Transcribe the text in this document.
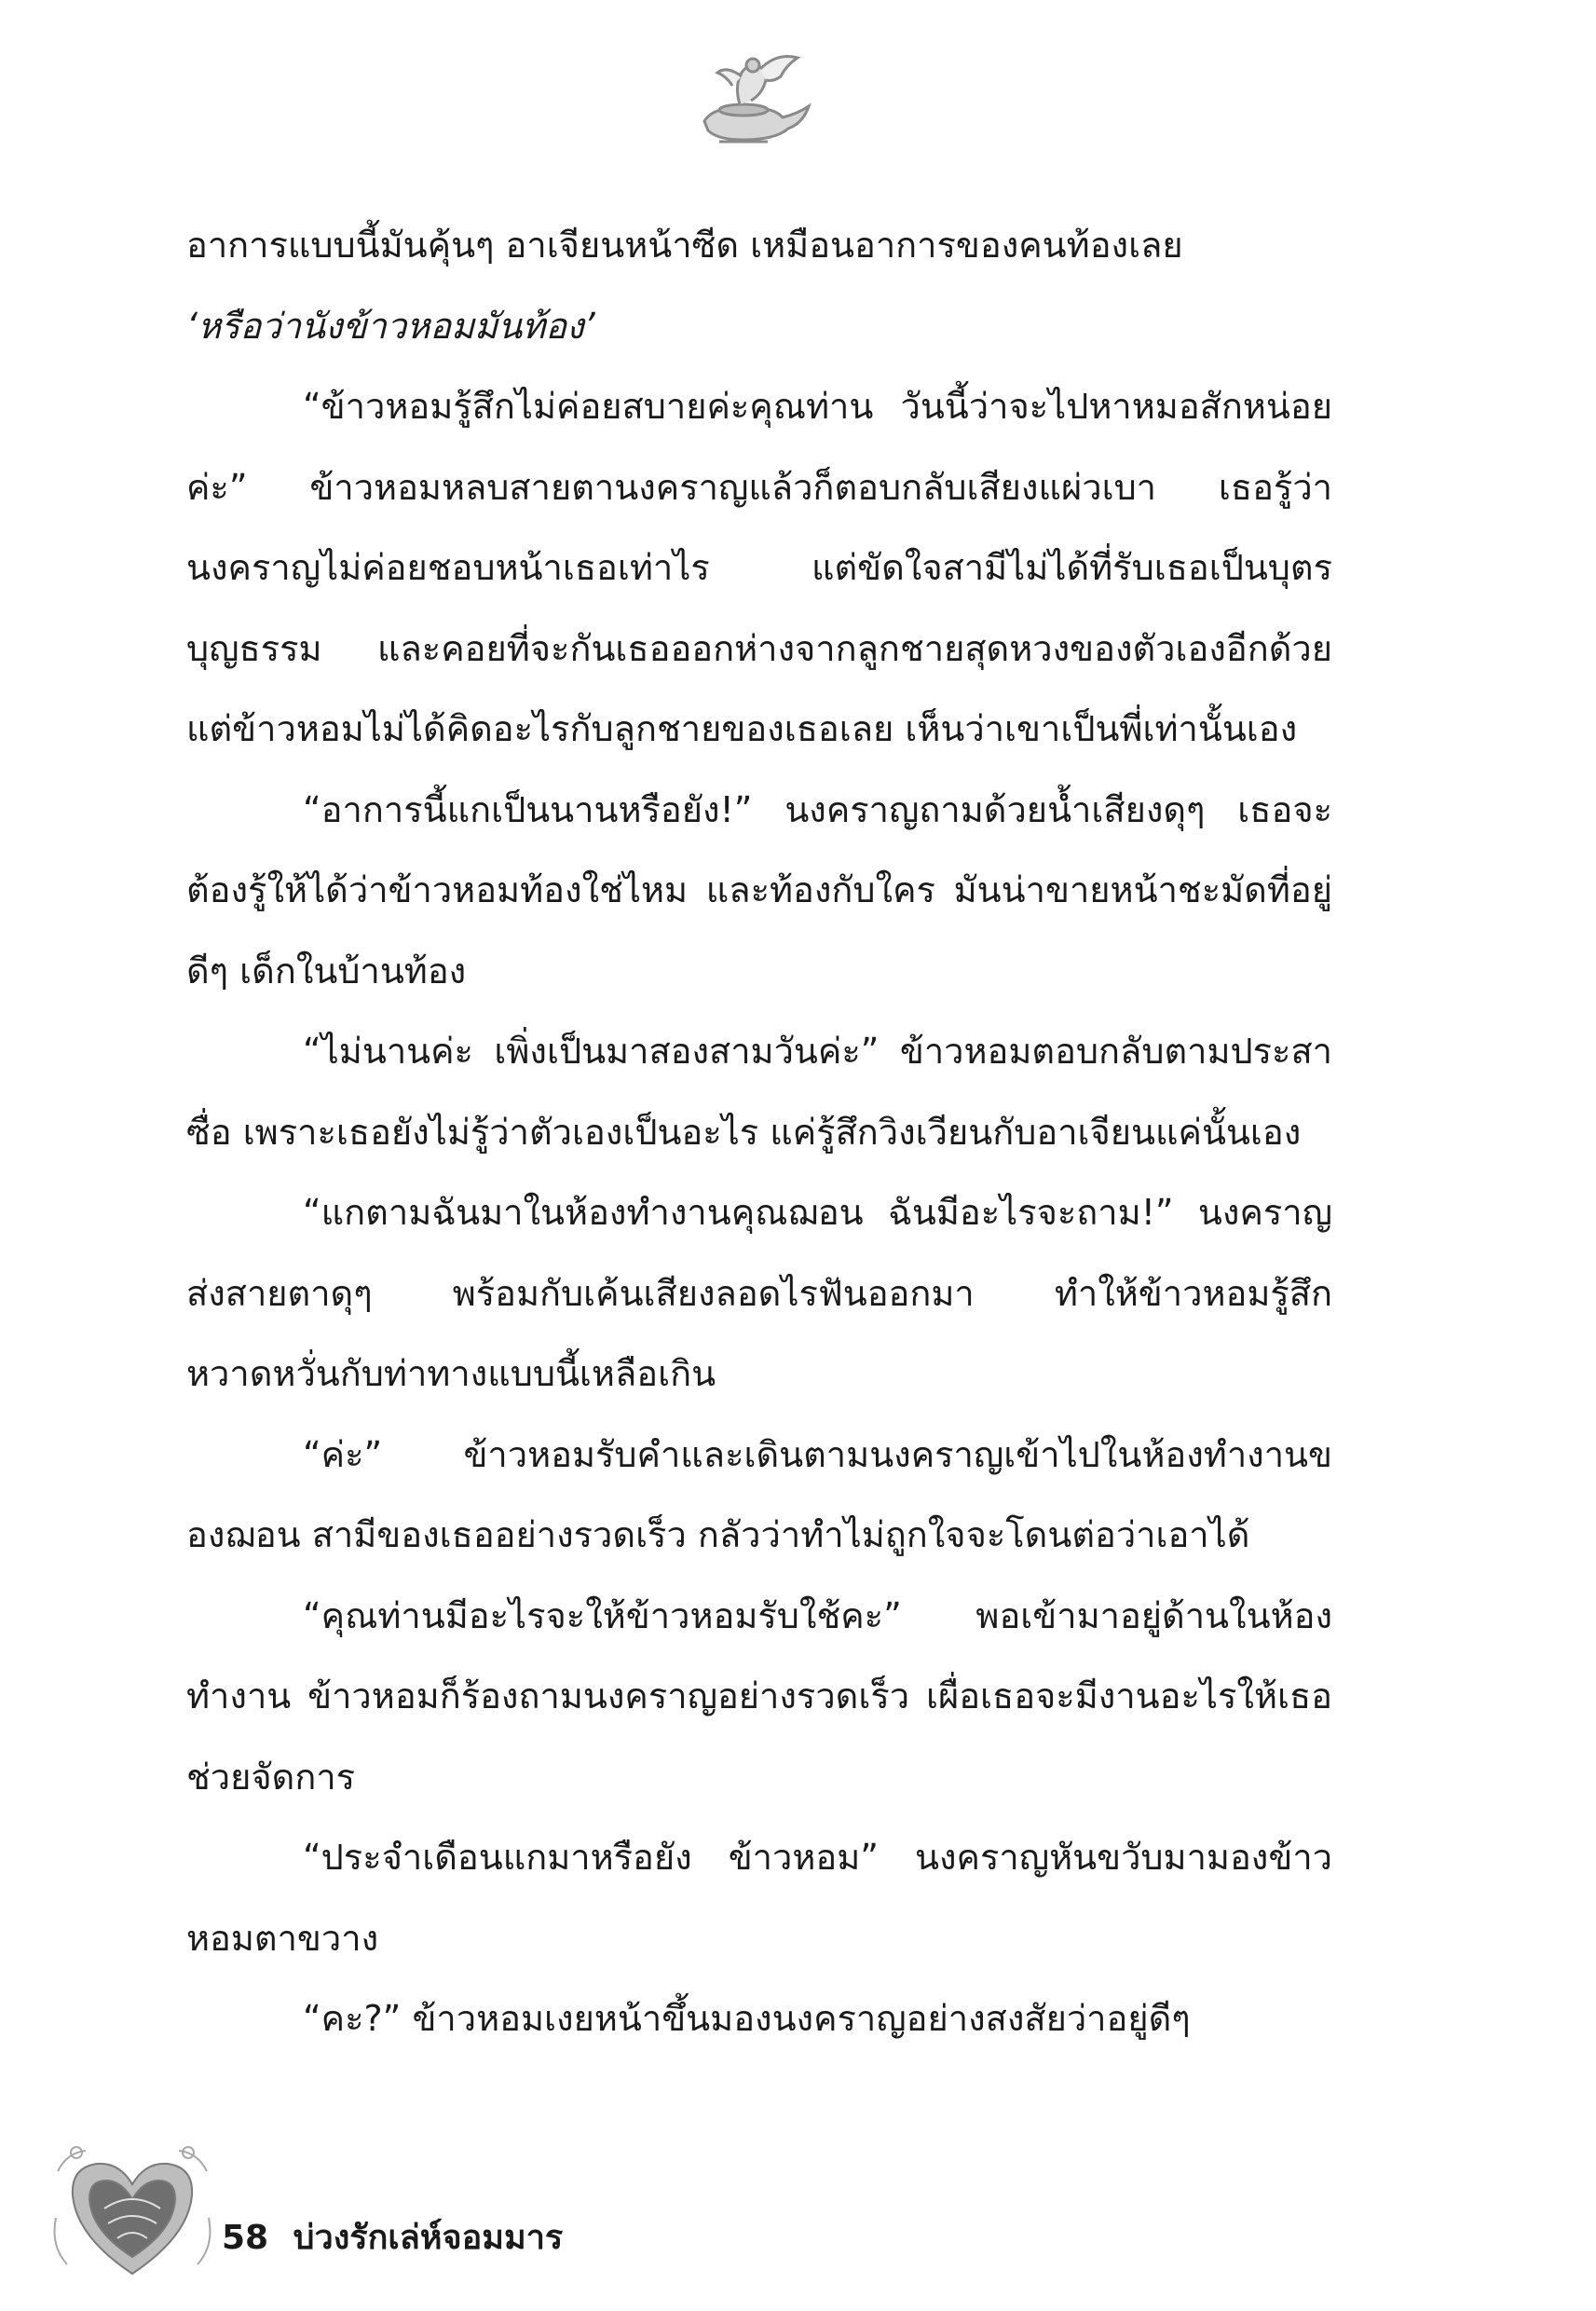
อาการแบบนี้มันคุ้นๆ อาเจียนหน้าซีด เหมือนอาการของคนท้องเลย

‘หรือว่านังข้าวหอมมันท้อง’

“ข้าวหอมรู้สึกไม่ค่อยสบายค่ะคุณท่าน วันนี้ว่าจะไปหาหมอสักหน่อยค่ะ” ข้าวหอมหลบสายตานงคราญแล้วก็ตอบกลับเสียงแผ่วเบา เธอรู้ว่านงคราญไม่ค่อยชอบหน้าเธอเท่าไร แต่ขัดใจสามีไม่ได้ที่รับเธอเป็นบุตรบุญธรรม และคอยที่จะกันเธอออกห่างจากลูกชายสุดหวงของตัวเองอีกด้วย แต่ข้าวหอมไม่ได้คิดอะไรกับลูกชายของเธอเลย เห็นว่าเขาเป็นพี่เท่านั้นเอง

“อาการนี้แกเป็นนานหรือยัง!” นงคราญถามด้วยน้ำเสียงดุๆ เธอจะต้องรู้ให้ได้ว่าข้าวหอมท้องใช่ไหม และท้องกับใคร มันน่าขายหน้าชะมัดที่อยู่ดีๆ เด็กในบ้านท้อง

“ไม่นานค่ะ เพิ่งเป็นมาสองสามวันค่ะ” ข้าวหอมตอบกลับตามประสาซื่อ เพราะเธอยังไม่รู้ว่าตัวเองเป็นอะไร แค่รู้สึกวิงเวียนกับอาเจียนแค่นั้นเอง

“แกตามฉันมาในห้องทำงานคุณฌอน ฉันมีอะไรจะถาม!” นงคราญส่งสายตาดุๆ พร้อมกับเค้นเสียงลอดไรฟันออกมา ทำให้ข้าวหอมรู้สึกหวาดหวั่นกับท่าทางแบบนี้เหลือเกิน

“ค่ะ” ข้าวหอมรับคำและเดินตามนงคราญเข้าไปในห้องทำงานของฌอน สามีของเธออย่างรวดเร็ว กลัวว่าทำไม่ถูกใจจะโดนต่อว่าเอาได้

“คุณท่านมีอะไรจะให้ข้าวหอมรับใช้คะ” พอเข้ามาอยู่ด้านในห้องทำงาน ข้าวหอมก็ร้องถามนงคราญอย่างรวดเร็ว เผื่อเธอจะมีงานอะไรให้เธอช่วยจัดการ

“ประจำเดือนแกมาหรือยัง ข้าวหอม” นงคราญหันขวับมามองข้าวหอมตาขวาง

“คะ?” ข้าวหอมเงยหน้าขึ้นมองนงคราญอย่างสงสัยว่าอยู่ดีๆ

58 บ่วงรักเล่ห์จอมมาร
